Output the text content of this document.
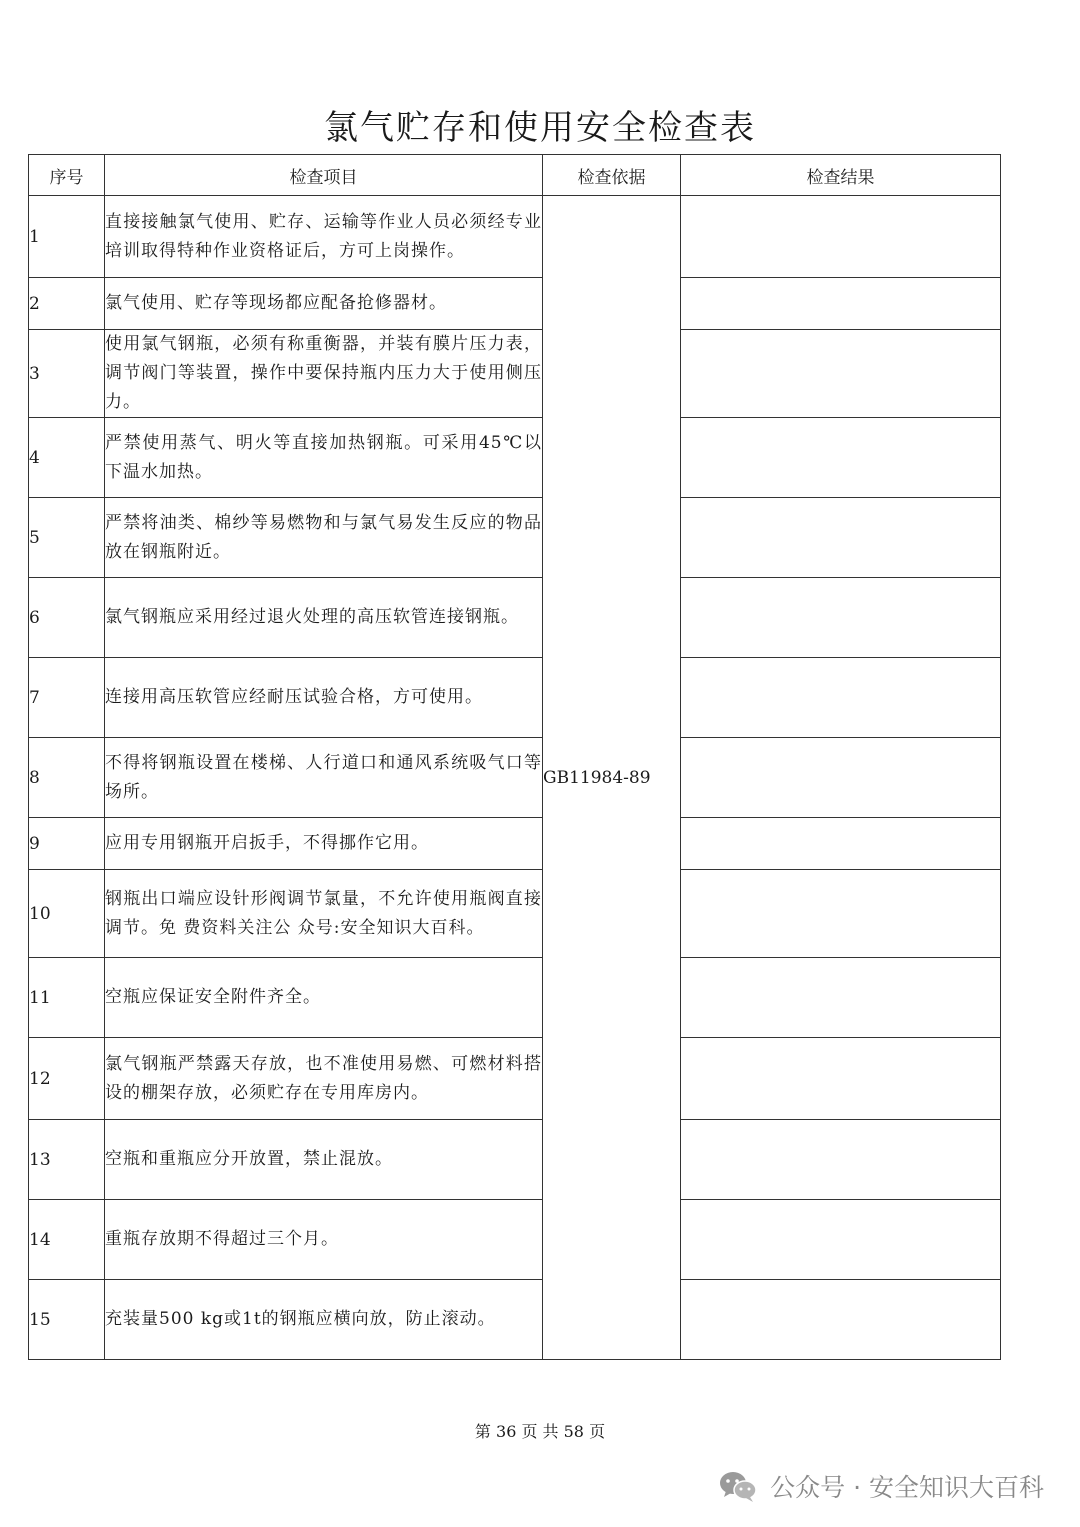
氯气贮存和使用安全检查表
序号	检查项目	检查依据	检查结果
1	直接接触氯气使用、贮存、运输等作业人员必须经专业培训取得特种作业资格证后，方可上岗操作。	GB11984-89	
2	氯气使用、贮存等现场都应配备抢修器材。		
3	使用氯气钢瓶，必须有称重衡器，并装有膜片压力表，调节阀门等装置，操作中要保持瓶内压力大于使用侧压力。		
4	严禁使用蒸气、明火等直接加热钢瓶。可采用45℃以下温水加热。		
5	严禁将油类、棉纱等易燃物和与氯气易发生反应的物品放在钢瓶附近。		
6	氯气钢瓶应采用经过退火处理的高压软管连接钢瓶。		
7	连接用高压软管应经耐压试验合格，方可使用。		
8	不得将钢瓶设置在楼梯、人行道口和通风系统吸气口等场所。		
9	应用专用钢瓶开启扳手，不得挪作它用。		
10	钢瓶出口端应设针形阀调节氯量，不允许使用瓶阀直接调节。免 费资料关注公 众号:安全知识大百科。		
11	空瓶应保证安全附件齐全。		
12	氯气钢瓶严禁露天存放，也不准使用易燃、可燃材料搭设的棚架存放，必须贮存在专用库房内。		
13	空瓶和重瓶应分开放置，禁止混放。		
14	重瓶存放期不得超过三个月。		
15	充装量500 kg或1t的钢瓶应横向放，防止滚动。		
第 36 页 共 58 页
公众号 · 安全知识大百科
